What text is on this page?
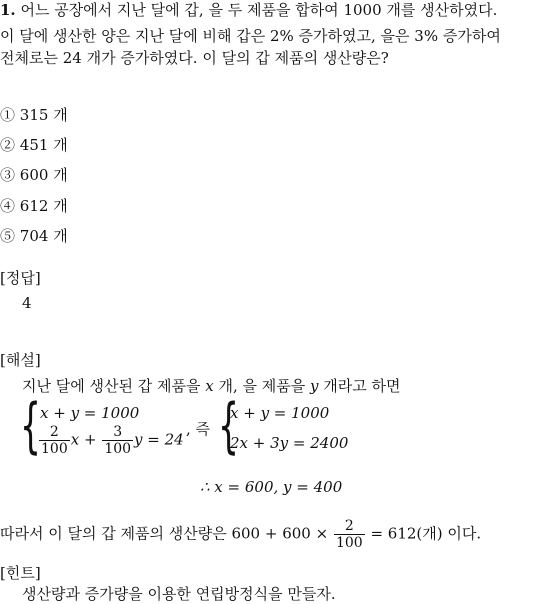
1. 어느 공장에서 지난 달에 갑, 을 두 제품을 합하여 1000 개를 생산하였다.
이 달에 생산한 양은 지난 달에 비해 갑은 2% 증가하였고, 을은 3% 증가하여
전체로는 24 개가 증가하였다. 이 달의 갑 제품의 생산량은?
① 315 개
② 451 개
③ 600 개
④ 612 개
⑤ 704 개
[정답]
4
[해설]
지난 달에 생산된 갑 제품을 x 개, 을 제품을 y 개라고 하면
{
x + y = 1000
$\frac{2}{100}$ $x + \frac{3}{100}$ y = 24
, 즉 {
x + y = 1000
2x + 3y = 2400
∴ x = 600, y = 400
따라서 이 달의 갑 제품의 생산량은 $600 + 600 \times \frac{2}{100} = 612$(개) 이다.
[힌트]
생산량과 증가량을 이용한 연립방정식을 만들자.
